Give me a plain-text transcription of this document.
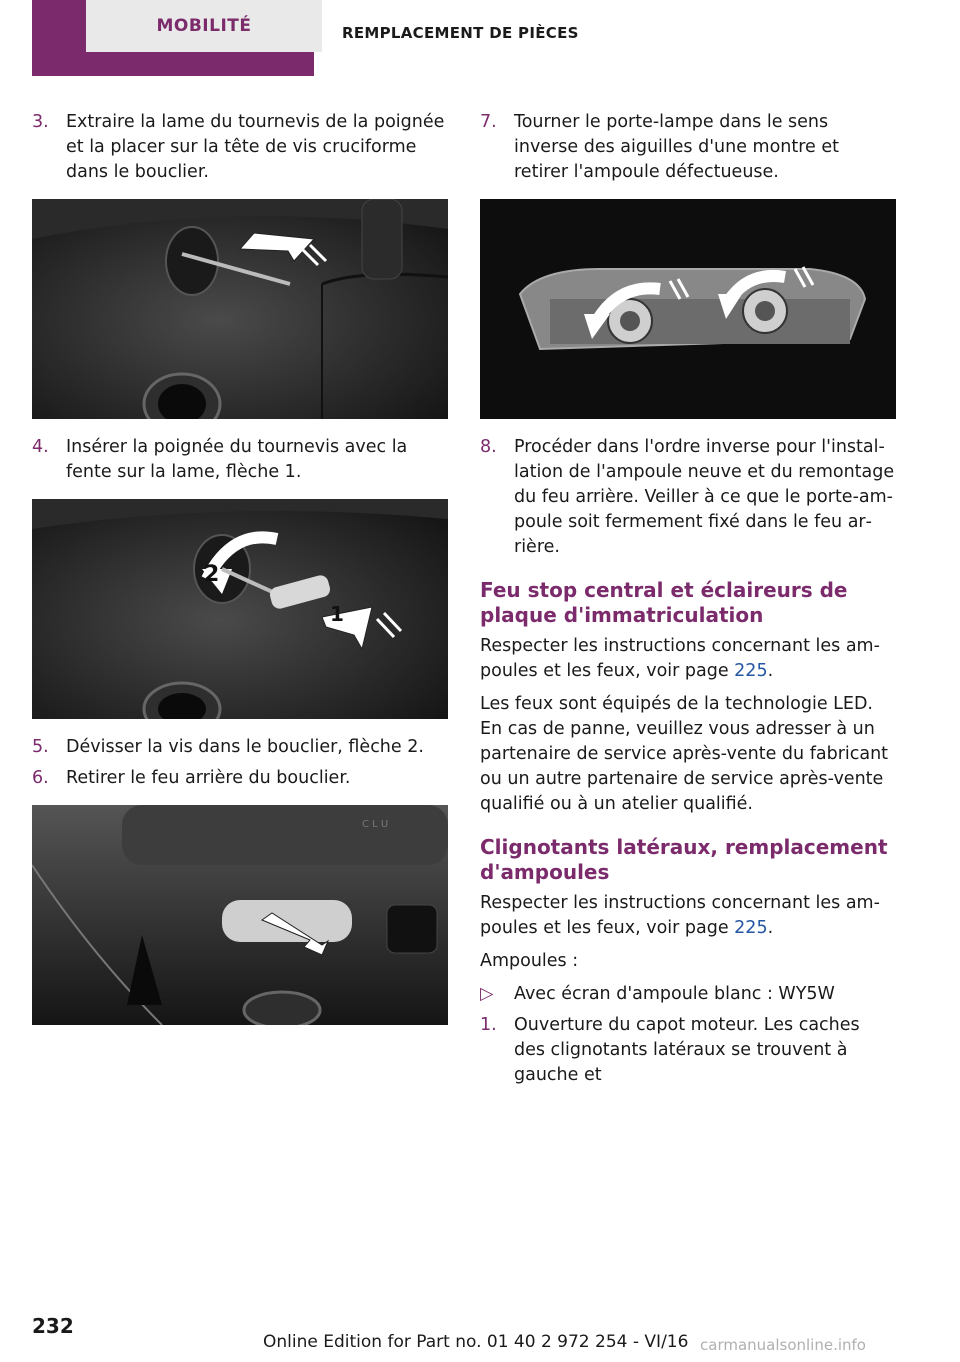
MOBILITÉ	REMPLACEMENT DE PIÈCES
3. Extraire la lame du tournevis de la poignée et la placer sur la tête de vis cruciforme dans le bouclier.
4. Insérer la poignée du tournevis avec la fente sur la lame, flèche 1.
2
1
5. Dévisser la vis dans le bouclier, flèche 2.
6. Retirer le feu arrière du bouclier.
C L U
7. Tourner le porte-lampe dans le sens inverse des aiguilles d'une montre et retirer l'ampoule défectueuse.
8. Procéder dans l'ordre inverse pour l'installation de l'ampoule neuve et du remontage du feu arrière. Veiller à ce que le porte-ampoule soit fermement fixé dans le feu arrière.
Feu stop central et éclaireurs de plaque d'immatriculation

Respecter les instructions concernant les ampoules et les feux, voir page 225.

Les feux sont équipés de la technologie LED. En cas de panne, veuillez vous adresser à un partenaire de service après-vente du fabricant ou un autre partenaire de service après-vente qualifié ou à un atelier qualifié.

Clignotants latéraux, remplacement d'ampoules

Respecter les instructions concernant les ampoules et les feux, voir page 225.

Ampoules :

▷	Avec écran d'ampoule blanc : WY5W
1. Ouverture du capot moteur. Les caches des clignotants latéraux se trouvent à gauche et
232
Online Edition for Part no. 01 40 2 972 254 - VI/16 carmanualsonline.info
